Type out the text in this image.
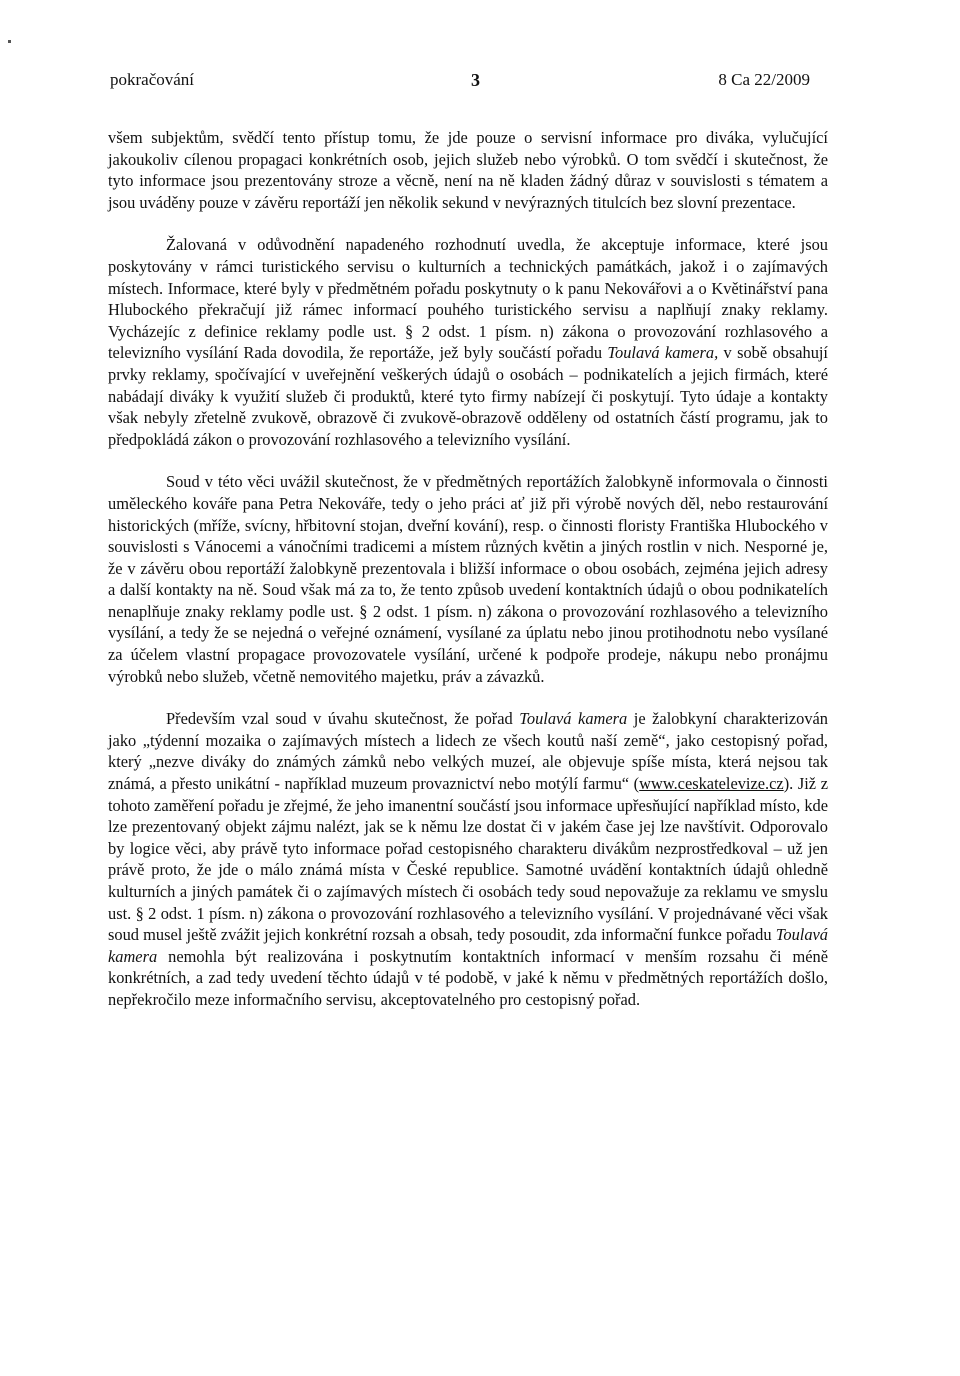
pokračování	3	8 Ca 22/2009

všem subjektům, svědčí tento přístup tomu, že jde pouze o servisní informace pro diváka, vylučující jakoukoliv cílenou propagaci konkrétních osob, jejich služeb nebo výrobků. O tom svědčí i skutečnost, že tyto informace jsou prezentovány stroze a věcně, není na ně kladen žádný důraz v souvislosti s tématem a jsou uváděny pouze v závěru reportáží jen několik sekund v nevýrazných titulcích bez slovní prezentace.

Žalovaná v odůvodnění napadeného rozhodnutí uvedla, že akceptuje informace, které jsou poskytovány v rámci turistického servisu o kulturních a technických památkách, jakož i o zajímavých místech. Informace, které byly v předmětném pořadu poskytnuty o k panu Nekovářovi a o Květinářství pana Hlubockého překračují již rámec informací pouhého turistického servisu a naplňují znaky reklamy. Vycházejíc z definice reklamy podle ust. § 2 odst. 1 písm. n) zákona o provozování rozhlasového a televizního vysílání Rada dovodila, že reportáže, jež byly součástí pořadu Toulavá kamera, v sobě obsahují prvky reklamy, spočívající v uveřejnění veškerých údajů o osobách – podnikatelích a jejich firmách, které nabádají diváky k využití služeb či produktů, které tyto firmy nabízejí či poskytují. Tyto údaje a kontakty však nebyly zřetelně zvukově, obrazově či zvukově-obrazově odděleny od ostatních částí programu, jak to předpokládá zákon o provozování rozhlasového a televizního vysílání.

Soud v této věci uvážil skutečnost, že v předmětných reportážích žalobkyně informovala o činnosti uměleckého kováře pana Petra Nekováře, tedy o jeho práci ať již při výrobě nových děl, nebo restaurování historických (mříže, svícny, hřbitovní stojan, dveřní kování), resp. o činnosti floristy Františka Hlubockého v souvislosti s Vánocemi a vánočními tradicemi a místem různých květin a jiných rostlin v nich. Nesporné je, že v závěru obou reportáží žalobkyně prezentovala i bližší informace o obou osobách, zejména jejich adresy a další kontakty na ně. Soud však má za to, že tento způsob uvedení kontaktních údajů o obou podnikatelích nenaplňuje znaky reklamy podle ust. § 2 odst. 1 písm. n) zákona o provozování rozhlasového a televizního vysílání, a tedy že se nejedná o veřejné oznámení, vysílané za úplatu nebo jinou protihodnotu nebo vysílané za účelem vlastní propagace provozovatele vysílání, určené k podpoře prodeje, nákupu nebo pronájmu výrobků nebo služeb, včetně nemovitého majetku, práv a závazků.

Především vzal soud v úvahu skutečnost, že pořad Toulavá kamera je žalobkyní charakterizován jako „týdenní mozaika o zajímavých místech a lidech ze všech koutů naší země“, jako cestopisný pořad, který „nezve diváky do známých zámků nebo velkých muzeí, ale objevuje spíše místa, která nejsou tak známá, a přesto unikátní - například muzeum provaznictví nebo motýlí farmu“ (www.ceskatelevize.cz). Již z tohoto zaměření pořadu je zřejmé, že jeho imanentní součástí jsou informace upřesňující například místo, kde lze prezentovaný objekt zájmu nalézt, jak se k němu lze dostat či v jakém čase jej lze navštívit. Odporovalo by logice věci, aby právě tyto informace pořad cestopisného charakteru divákům nezprostředkoval – už jen právě proto, že jde o málo známá místa v České republice. Samotné uvádění kontaktních údajů ohledně kulturních a jiných památek či o zajímavých místech či osobách tedy soud nepovažuje za reklamu ve smyslu ust. § 2 odst. 1 písm. n) zákona o provozování rozhlasového a televizního vysílání. V projednávané věci však soud musel ještě zvážit jejich konkrétní rozsah a obsah, tedy posoudit, zda informační funkce pořadu Toulavá kamera nemohla být realizována i poskytnutím kontaktních informací v menším rozsahu či méně konkrétních, a zad tedy uvedení těchto údajů v té podobě, v jaké k němu v předmětných reportážích došlo, nepřekročilo meze informačního servisu, akceptovatelného pro cestopisný pořad.
